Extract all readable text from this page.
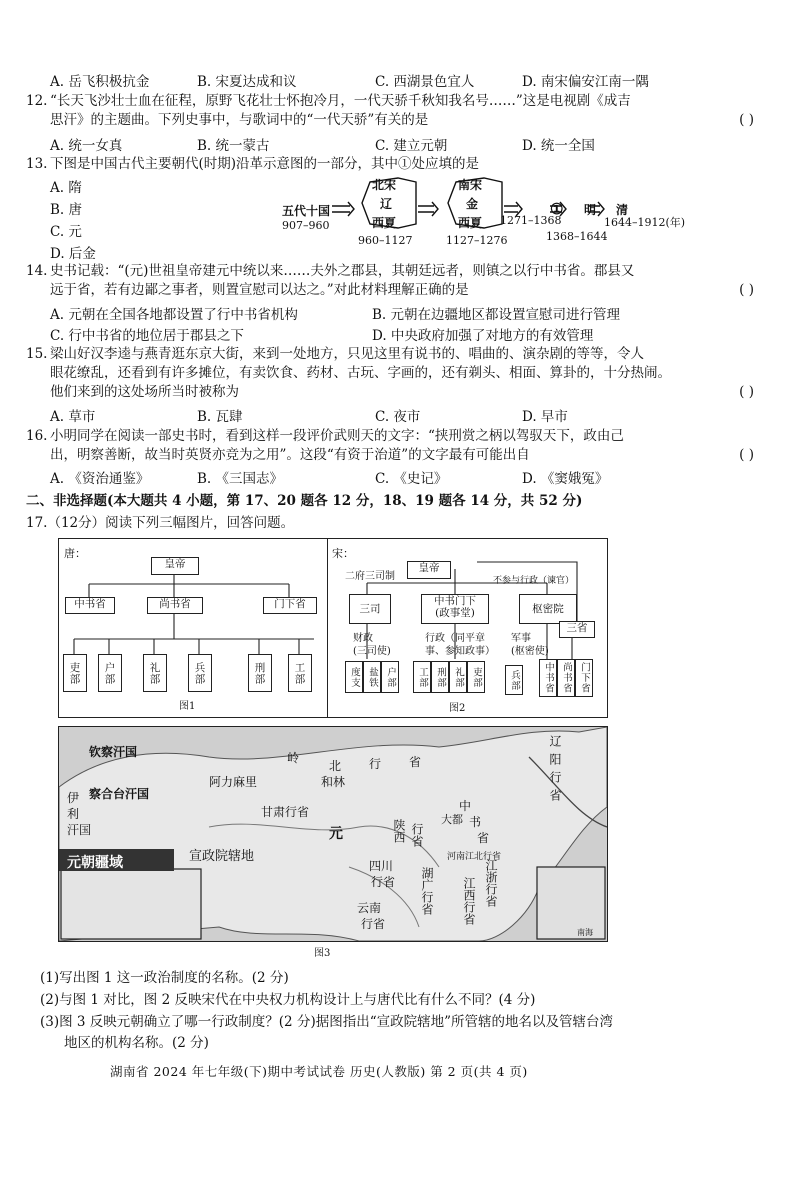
A. 岳飞积极抗金	B. 宋夏达成和议	C. 西湖景色宜人	D. 南宋偏安江南一隅
12. “长天飞沙壮士血在征程，原野飞花壮士怀抱冷月，一代天骄千秋知我名号……”这是电视剧《成吉
思汗》的主题曲。下列史事中，与歌词中的“一代天骄”有关的是	( )
A. 统一女真	B. 统一蒙古	C. 建立元朝	D. 统一全国
13. 下图是中国古代主要朝代(时期)沿革示意图的一部分，其中①处应填的是
A. 隋
B. 唐
C. 元
D. 后金
五代十国
907–960
北宋
辽
西夏
960–1127
南宋
金
西夏
1127–1276
①
1271–1368
明
1368–1644
清
1644–1912(年)
14. 史书记载：“(元)世祖皇帝建元中统以来……夫外之郡县，其朝廷远者，则镇之以行中书省。郡县又
远于省，若有边鄙之事者，则置宣慰司以达之。”对此材料理解正确的是	( )
A. 元朝在全国各地都设置了行中书省机构	B. 元朝在边疆地区都设置宣慰司进行管理
C. 行中书省的地位居于郡县之下	D. 中央政府加强了对地方的有效管理
15. 梁山好汉李逵与燕青逛东京大街，来到一处地方，只见这里有说书的、唱曲的、演杂剧的等等，令人
眼花缭乱，还看到有许多摊位，有卖饮食、药材、古玩、字画的，还有剃头、相面、算卦的，十分热闹。
他们来到的这处场所当时被称为	( )
A. 草市	B. 瓦肆	C. 夜市	D. 早市
16. 小明同学在阅读一部史书时，看到这样一段评价武则天的文字：“挟刑赏之柄以驾驭天下，政由己
出，明察善断，故当时英贤亦竞为之用”。这段“有资于治道”的文字最有可能出自	( )
A. 《资治通鉴》	B. 《三国志》	C. 《史记》	D. 《窦娥冤》
二、非选择题(本大题共 4 小题，第 17、20 题各 12 分，18、19 题各 14 分，共 52 分)
17.（12分）阅读下列三幅图片，回答问题。
唐：
皇帝
中书省	尚书省	门下省
吏部	户部	礼部	兵部	刑部	工部
图1
宋：
二府三司制	不参与行政（谏官）
皇帝
三司
中书门下
(政事堂)	枢密院
三省
财政
(三司使)
行政（同平章
事、参知政事）
军事
(枢密使)
度支 盐铁 户部	工部 刑部 礼部 吏部	兵部	中书省 尚书省 门下省
图2
元朝疆域
钦察汗国
察合台汗国
伊
利
汗国
阿力麻里
岭
北 行 省
和林
甘肃行省
宣政院辖地
陕西 行省
四川
行省
中
书
省
大都
辽
阳
行
省
河南江北行省
江浙行省
江西行省
湖广行省
云南
行省
元
南海
图3
(1)写出图 1 这一政治制度的名称。(2 分)
(2)与图 1 对比，图 2 反映宋代在中央权力机构设计上与唐代比有什么不同？(4 分)
(3)图 3 反映元朝确立了哪一行政制度？(2 分)据图指出“宣政院辖地”所管辖的地名以及管辖台湾
地区的机构名称。(2 分)
湖南省 2024 年七年级(下)期中考试试卷 历史(人教版) 第 2 页(共 4 页)
